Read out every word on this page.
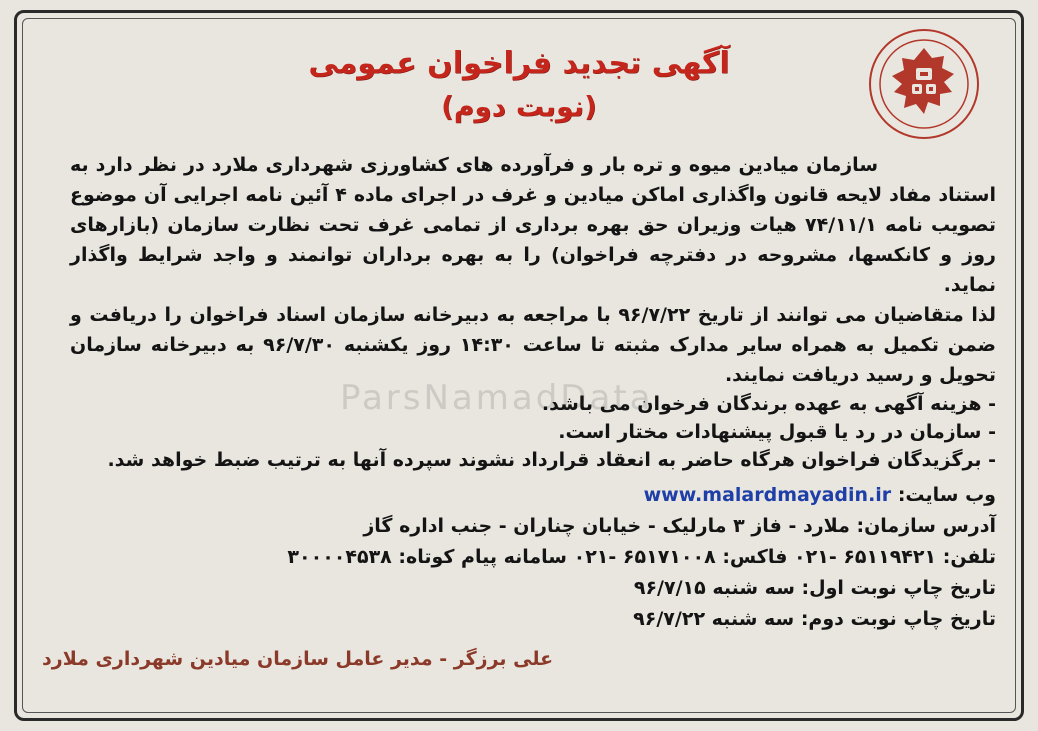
آگهی تجدید فراخوان عمومی
(نوبت دوم)

سازمان میادین میوه و تره بار و فرآورده های کشاورزی شهرداری ملارد در نظر دارد به استناد مفاد لایحه قانون واگذاری اماکن میادین و غرف در اجرای ماده ۴ آئین نامه اجرایی آن موضوع تصویب نامه ۷۴/۱۱/۱ هیات وزیران حق بهره برداری از تمامی غرف تحت نظارت سازمان (بازارهای روز و کانکسها، مشروحه در دفترچه فراخوان) را به بهره برداران توانمند و واجد شرایط واگذار نماید.

لذا متقاضیان می توانند از تاریخ ۹۶/۷/۲۲ با مراجعه به دبیرخانه سازمان اسناد فراخوان را دریافت و ضمن تکمیل به همراه سایر مدارک مثبته تا ساعت ۱۴:۳۰ روز یکشنبه ۹۶/۷/۳۰ به دبیرخانه سازمان تحویل و رسید دریافت نمایند.

ParsNamadData
- هزینه آگهی به عهده برندگان فرخوان می باشد.
- سازمان در رد یا قبول پیشنهادات مختار است.
- برگزیدگان فراخوان هرگاه حاضر به انعقاد قرارداد نشوند سپرده آنها به ترتیب ضبط خواهد شد.
وب سایت: www.malardmayadin.ir
آدرس سازمان: ملارد - فاز ۳ مارلیک - خیابان چناران - جنب اداره گاز
تلفن: ۶۵۱۱۹۴۲۱ -۰۲۱ فاکس: ۶۵۱۷۱۰۰۸ -۰۲۱ سامانه پیام کوتاه: ۳۰۰۰۰۴۵۳۸
تاریخ چاپ نوبت اول: سه شنبه ۹۶/۷/۱۵
تاریخ چاپ نوبت دوم: سه شنبه ۹۶/۷/۲۲
علی برزگر - مدیر عامل سازمان میادین شهرداری ملارد
